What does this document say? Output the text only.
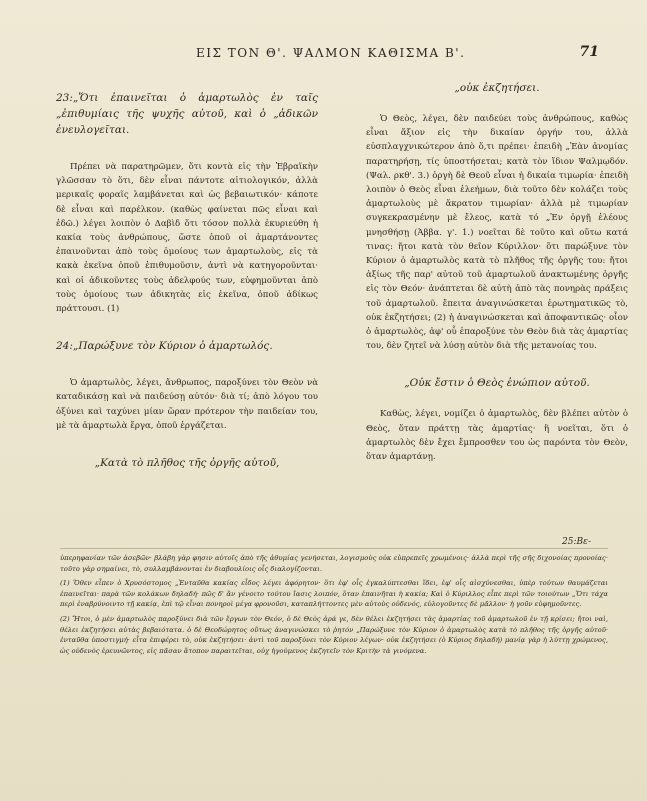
ΕΙΣ ΤΟΝ Θ'. ΨΑΛΜΟΝ ΚΑΘΙΣΜΑ Β'.	71

23:„Ὅτι ἐπαινεῖται ὁ ἁμαρτωλὸς ἐν ταῖς „ἐπιθυμίαις τῆς ψυχῆς αὐτοῦ, καὶ ὁ „ἀδικῶν ἐνευλογεῖται.

Πρέπει νὰ παρατηρῶμεν, ὅτι κοντὰ εἰς τὴν Ἑβραϊκὴν γλῶσσαν τὸ ὅτι, δὲν εἶναι πάντοτε αἰτιολογικόν, ἀλλὰ μερικαῖς φοραῖς λαμβάνεται καὶ ὡς βεβαιωτικόν· κάποτε δὲ εἶναι καὶ παρέλκον. (καθὼς φαίνεται πῶς εἶναι καὶ ἐδῶ.) λέγει λοιπὸν ὁ Δαβὶδ ὅτι τόσον πολλὰ ἐκυριεύθη ἡ κακία τοὺς ἀνθρώπους, ὥστε ὁποῦ οἱ ἁμαρτάνοντες ἐπαινοῦνται ἀπὸ τοὺς ὁμοίους των ἁμαρτωλοὺς, εἰς τὰ κακὰ ἐκεῖνα ὁποῦ ἐπιθυμοῦσιν, ἀντὶ νὰ κατηγοροῦνται· καὶ οἱ ἀδικοῦντες τοὺς ἀδελφούς των, εὐφημοῦνται ἀπὸ τοὺς ὁμοίους των ἀδικητὰς εἰς ἐκεῖνα, ὁποῦ ἀδίκως πράττουσι. (1)

24:„Παρώξυνε τὸν Κύριον ὁ ἁμαρτωλός.

Ὁ ἁμαρτωλὸς, λέγει, ἄνθρωπος, παροξύνει τὸν Θεὸν νὰ καταδικάσῃ καὶ νὰ παιδεύσῃ αὐτόν· διὰ τί; ἀπὸ λόγου του ὀξύνει καὶ ταχύνει μίαν ὥραν πρότερον τὴν παιδείαν του, μὲ τὰ ἁμαρτωλὰ ἔργα, ὁποῦ ἐργάζεται.

„Κατὰ τὸ πλῆθος τῆς ὀργῆς αὐτοῦ,

„οὐκ ἐκζητήσει.

Ὁ Θεὸς, λέγει, δὲν παιδεύει τοὺς ἀνθρώπους, καθὼς εἶναι ἄξιον εἰς τὴν δικαίαν ὀργήν του, ἀλλὰ εὐσπλαγχνικώτερον ἀπὸ ὅ,τι πρέπει· ἐπειδὴ „Ἐὰν ἀνομίας παρατηρήσῃ, τίς ὑποστήσεται; κατὰ τὸν ἴδιον Ψαλμῳδόν. (Ψαλ. ρκθ'. 3.) ὀργὴ δὲ Θεοῦ εἶναι ἡ δικαία τιμωρία· ἐπειδὴ λοιπὸν ὁ Θεὸς εἶναι ἐλεήμων, διὰ τοῦτο δὲν κολάζει τοὺς ἁμαρτωλοὺς μὲ ἄκρατον τιμωρίαν· ἀλλὰ μὲ τιμωρίαν συγκεκρασμένην μὲ ἔλεος, κατὰ τό „Ἐν ὀργῇ ἐλέους μνησθήσῃ (Ἀββα. γ'. 1.) νοεῖται δὲ τοῦτο καὶ οὕτω κατά τινας: ἤτοι κατὰ τὸν θεῖον Κύριλλον· ὅτι παρώξυνε τὸν Κύριον ὁ ἁμαρτωλὸς κατὰ τὸ πλῆθος τῆς ὀργῆς του: ἤτοι ἀξίως τῆς παρ' αὐτοῦ τοῦ ἁμαρτωλοῦ ἀνακτωμένης ὀργῆς εἰς τὸν Θεόν· ἀνάπτεται δὲ αὐτὴ ἀπὸ τὰς πονηρὰς πράξεις τοῦ ἁμαρτωλοῦ. ἔπειτα ἀναγινώσκεται ἐρωτηματικῶς τὸ, οὐκ ἐκζητήσει; (2) ἡ ἀναγινώσκεται καὶ ἀποφαντικῶς· οἷον ὁ ἁμαρτωλὸς, ἀφ' οὗ ἐπαροξύνε τὸν Θεὸν διὰ τὰς ἁμαρτίας του, δὲν ζητεῖ νὰ λύσῃ αὐτὸν διὰ τῆς μετανοίας του.

„Οὐκ ἔστιν ὁ Θεὸς ἐνώπιον αὐτοῦ.

Καθὼς, λέγει, νομίζει ὁ ἁμαρτωλὸς, δὲν βλέπει αὐτὸν ὁ Θεὸς, ὅταν πράττῃ τὰς ἁμαρτίας· ἢ νοεῖται, ὅτι ὁ ἁμαρτωλὸς δὲν ἔχει ἔμπροσθεν του ὡς παρόντα τὸν Θεὸν, ὅταν ἁμαρτάνῃ.

25:Βε-

ὑπερηφανίαν τῶν ἀσεβῶν· βλάβη γὰρ φησιν αὐτοῖς ἀπὸ τῆς ἀθυμίας γενήσεται, λογισμοὺς οὐκ εὐπρεπεῖς χρωμένοις· ἀλλὰ περὶ τῆς σῆς διχονοίας προνοίας· τοῦτο γὰρ σημαίνει, τὸ, συλλαμβάνονται ἐν διαβουλίοις οἷς διαλογίζονται.

(1) Ὅθεν εἶπεν ὁ Χρυσόστομος „Ἐνταῦθα κακίας εἶδος λέγει ἀφόρητον· ὅτι ἐφ' οἷς ἐγκαλύπτεσθαι ἴδει, ἐφ' οἷς αἰσχύνεσθαι, ὑπὲρ τούτων θαυμάζεται ἐπαινεῖται· παρὰ τῶν κολάκων δηλαδή· πῶς δ' ἂν γένοιτο τούτου ἴασις λοιπόν, ὅταν ἐπαινῆται ἡ κακία; Καὶ ὁ Κύριλλος εἶπε περὶ τῶν τοιούτων „Ὅτι τάχα περὶ ἐναβρύνοιντο τῇ κακίᾳ, ἐπὶ τῷ εἶναι πονηροὶ μέγα φρονοῦσι, καταπλήττοντες μὲν αὐτοὺς οὐδενός, εὐλογοῦντες δὲ μᾶλλον· ἡ γοῦν εὐφημοῦντες.

(2) Ἤτοι, ὁ μὲν ἁμαρτωλὸς παροξύνει διὰ τῶν ἔργων τὸν Θεόν, ὁ δὲ Θεὸς ἀρά γε, δὲν θέλει ἐκζητήσει τὰς ἁμαρτίας τοῦ ἁμαρτωλοῦ ἐν τῇ κρίσει; ἤτοι ναὶ, θέλει ἐκζητήσει αὐτὰς βεβαιότατα. ὁ δὲ Θεοδώρητος οὕτως ἀναγινώσκει τὸ ῥητόν „Παρώξυνε τὸν Κύριον ὁ ἁμαρτωλὸς κατὰ τὸ πλῆθος τῆς ὀργῆς αὐτοῦ· ἐνταῦθα ὑποστιγμή· εἶτα ἐπιφέρει τὸ, οὐκ ἐκζητήσει· ἀντὶ τοῦ παροξύνει τὸν Κύριον λέγων· οὐκ ἐκζητήσει (ὁ Κύριος δηλαδή) μανίᾳ γὰρ ἡ λύττῃ χρώμενος, ὡς οὐδενὸς ἐρευνῶντος, εἰς πᾶσαν ἄτοπον παραιτεῖται, οὐχ ἡγούμενος ἐκζητεῖν τὸν Κριτὴν τὰ γινόμενα.
